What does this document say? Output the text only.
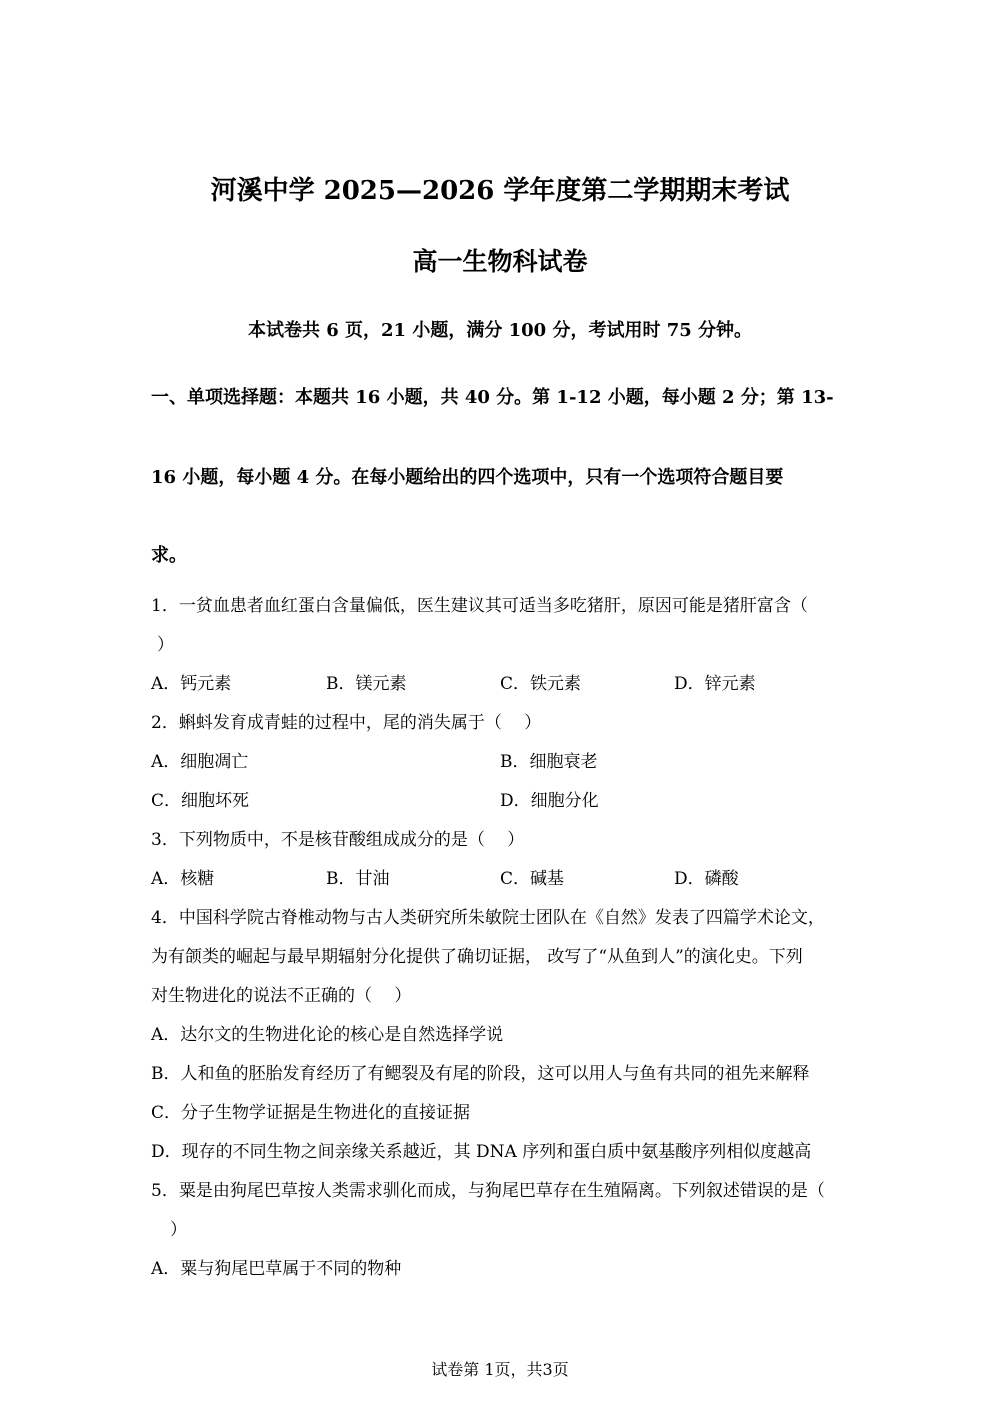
河溪中学 2025—2026 学年度第二学期期末考试
高一生物科试卷
本试卷共 6 页，21 小题，满分 100 分，考试用时 75 分钟。
一、单项选择题：本题共 16 小题，共 40 分。第 1-12 小题，每小题 2 分；第 13-
16 小题，每小题 4 分。在每小题给出的四个选项中，只有一个选项符合题目要
求。
1．一贫血患者血红蛋白含量偏低，医生建议其可适当多吃猪肝，原因可能是猪肝富含（
）
A．钙元素	B．镁元素	C．铁元素	D．锌元素
2．蝌蚪发育成青蛙的过程中，尾的消失属于（　 ）
A．细胞凋亡	B．细胞衰老
C．细胞坏死	D．细胞分化
3．下列物质中，不是核苷酸组成成分的是（　 ）
A．核糖	B．甘油	C．碱基	D．磷酸
4．中国科学院古脊椎动物与古人类研究所朱敏院士团队在《自然》发表了四篇学术论文，
为有颌类的崛起与最早期辐射分化提供了确切证据， 改写了“从鱼到人”的演化史。下列
对生物进化的说法不正确的（　 ）
A．达尔文的生物进化论的核心是自然选择学说
B．人和鱼的胚胎发育经历了有鳃裂及有尾的阶段，这可以用人与鱼有共同的祖先来解释
C．分子生物学证据是生物进化的直接证据
D．现存的不同生物之间亲缘关系越近，其 DNA 序列和蛋白质中氨基酸序列相似度越高
5．粟是由狗尾巴草按人类需求驯化而成，与狗尾巴草存在生殖隔离。下列叙述错误的是（
）
A．粟与狗尾巴草属于不同的物种
试卷第 1页，共3页
